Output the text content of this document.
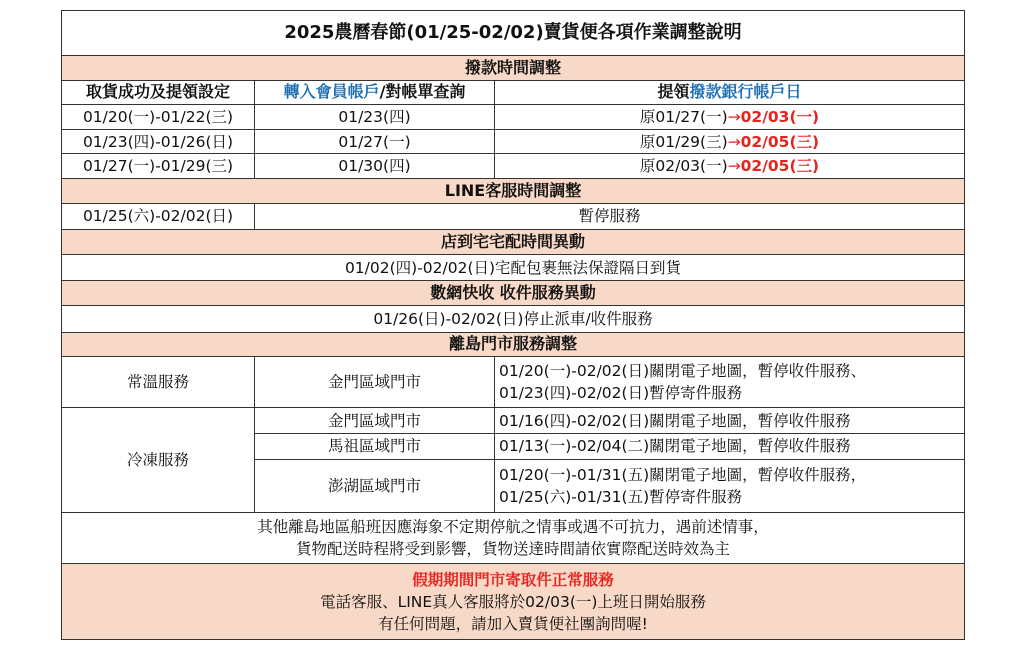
2025農曆春節(01/25-02/02)賣貨便各項作業調整說明		
撥款時間調整		
取貨成功及提領設定	轉入會員帳戶/對帳單查詢	提領撥款銀行帳戶日
01/20(一)-01/22(三)	01/23(四)	原01/27(一)→02/03(一)
01/23(四)-01/26(日)	01/27(一)	原01/29(三)→02/05(三)
01/27(一)-01/29(三)	01/30(四)	原02/03(一)→02/05(三)
LINE客服時間調整		
01/25(六)-02/02(日)	暫停服務	
店到宅宅配時間異動		
01/02(四)-02/02(日)宅配包裹無法保證隔日到貨		
數網快收 收件服務異動		
01/26(日)-02/02(日)停止派車/收件服務		
離島門市服務調整		
常溫服務	金門區域門市	01/20(一)-02/02(日)關閉電子地圖，暫停收件服務、
01/23(四)-02/02(日)暫停寄件服務

冷凍服務	金門區域門市	01/16(四)-02/02(日)關閉電子地圖，暫停收件服務

	馬祖區域門市	01/13(一)-02/04(二)關閉電子地圖，暫停收件服務

	澎湖區域門市	01/20(一)-01/31(五)關閉電子地圖，暫停收件服務，
01/25(六)-01/31(五)暫停寄件服務

其他離島地區船班因應海象不定期停航之情事或遇不可抗力，遇前述情事，
貨物配送時程將受到影響，貨物送達時間請依實際配送時效為主		

假期期間門市寄取件正常服務
電話客服、LINE真人客服將於02/03(一)上班日開始服務
有任何問題，請加入賣貨便社團詢問喔!		
